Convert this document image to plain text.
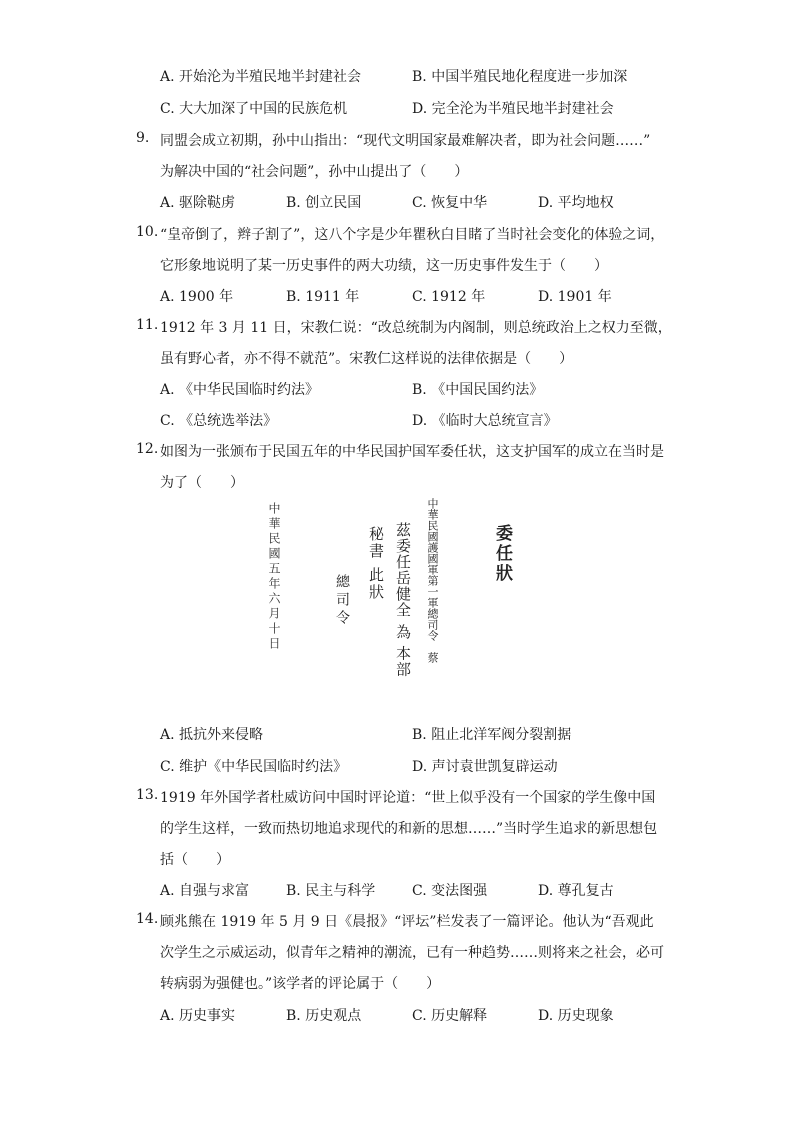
A. 开始沦为半殖民地半封建社会	B. 中国半殖民地化程度进一步加深
C. 大大加深了中国的民族危机	D. 完全沦为半殖民地半封建社会
9. 同盟会成立初期，孙中山指出：“现代文明国家最难解决者，即为社会问题……”
为解决中国的“社会问题”，孙中山提出了（　　）
A. 驱除鞑虏	B. 创立民国	C. 恢复中华	D. 平均地权
10. “皇帝倒了，辫子割了”，这八个字是少年瞿秋白目睹了当时社会变化的体验之词，
它形象地说明了某一历史事件的两大功绩，这一历史事件发生于（　　）
A. 1900 年	B. 1911 年	C. 1912 年	D. 1901 年
11. 1912 年 3 月 11 日，宋教仁说：“改总统制为内阁制，则总统政治上之权力至微，
虽有野心者，亦不得不就范”。宋教仁这样说的法律依据是（　　）
A. 《中华民国临时约法》	B. 《中国民国约法》
C. 《总统选举法》	D. 《临时大总统宣言》
12. 如图为一张颁布于民国五年的中华民国护国军委任状，这支护国军的成立在当时是
为了（　　）
中華民國五年六月十日	總司令
秘書 此狀 茲委任岳健全 為 本部 中華民國護國軍第一軍總司令　蔡	委任狀
A. 抵抗外来侵略	B. 阻止北洋军阀分裂割据
C. 维护《中华民国临时约法》	D. 声讨袁世凯复辟运动
13. 1919 年外国学者杜威访问中国时评论道：“世上似乎没有一个国家的学生像中国
的学生这样，一致而热切地追求现代的和新的思想……”当时学生追求的新思想包
括（　　）
A. 自强与求富	B. 民主与科学	C. 变法图强	D. 尊孔复古
14. 顾兆熊在 1919 年 5 月 9 日《晨报》“评坛”栏发表了一篇评论。他认为“吾观此
次学生之示威运动，似青年之精神的潮流，已有一种趋势……则将来之社会，必可
转病弱为强健也。”该学者的评论属于（　　）
A. 历史事实	B. 历史观点	C. 历史解释	D. 历史现象
